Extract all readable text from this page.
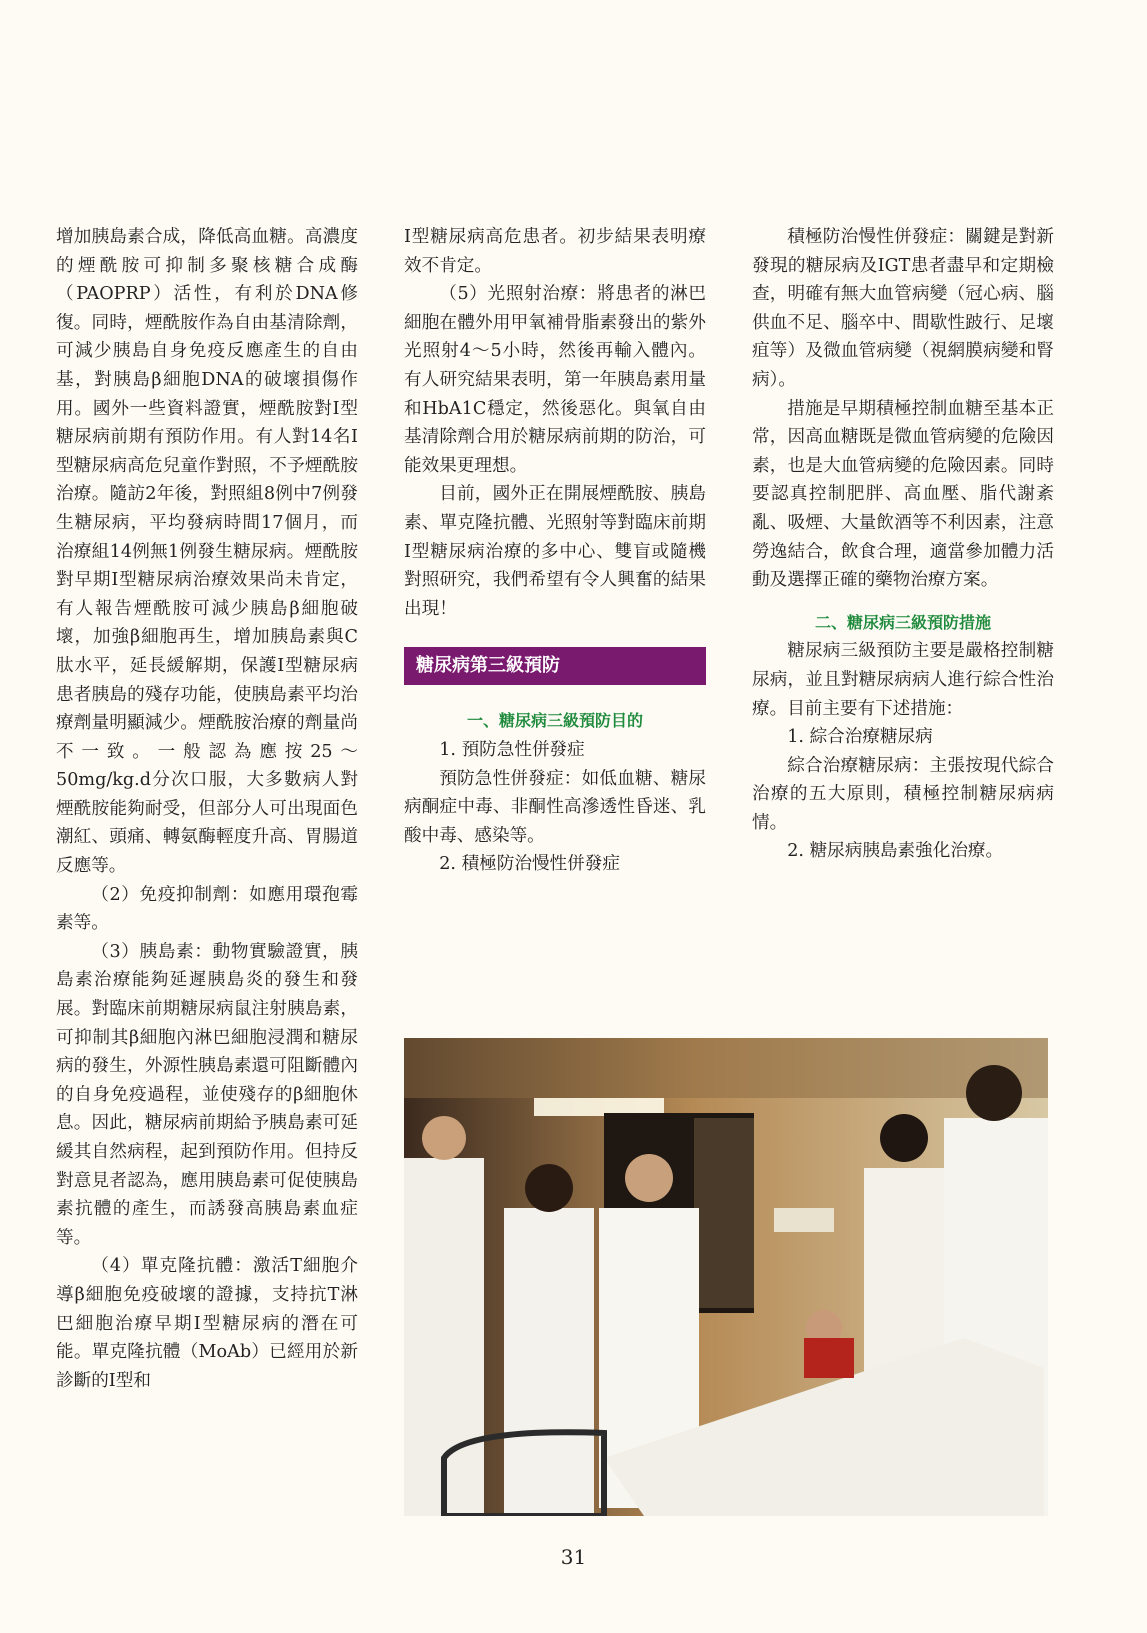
增加胰島素合成，降低高血糖。高濃度的煙酰胺可抑制多聚核糖合成酶（PAOPRP）活性，有利於DNA修復。同時，煙酰胺作為自由基清除劑，可減少胰島自身免疫反應產生的自由基，對胰島β細胞DNA的破壞損傷作用。國外一些資料證實，煙酰胺對I型糖尿病前期有預防作用。有人對14名I型糖尿病高危兒童作對照，不予煙酰胺治療。隨訪2年後，對照組8例中7例發生糖尿病，平均發病時間17個月，而治療組14例無1例發生糖尿病。煙酰胺對早期I型糖尿病治療效果尚未肯定，有人報告煙酰胺可減少胰島β細胞破壞，加強β細胞再生，增加胰島素與C肽水平，延長緩解期，保護I型糖尿病患者胰島的殘存功能，使胰島素平均治療劑量明顯減少。煙酰胺治療的劑量尚不一致。一般認為應按25～50mg/kg.d分次口服，大多數病人對煙酰胺能夠耐受，但部分人可出現面色潮紅、頭痛、轉氨酶輕度升高、胃腸道反應等。

（2）免疫抑制劑：如應用環孢霉素等。

（3）胰島素：動物實驗證實，胰島素治療能夠延遲胰島炎的發生和發展。對臨床前期糖尿病鼠注射胰島素，可抑制其β細胞內淋巴細胞浸潤和糖尿病的發生，外源性胰島素還可阻斷體內的自身免疫過程，並使殘存的β細胞休息。因此，糖尿病前期給予胰島素可延緩其自然病程，起到預防作用。但持反對意見者認為，應用胰島素可促使胰島素抗體的產生，而誘發高胰島素血症等。

（4）單克隆抗體：激活T細胞介導β細胞免疫破壞的證據，支持抗T淋巴細胞治療早期I型糖尿病的潛在可能。單克隆抗體（MoAb）已經用於新診斷的I型和

I型糖尿病高危患者。初步結果表明療效不肯定。

（5）光照射治療：將患者的淋巴細胞在體外用甲氧補骨脂素發出的紫外光照射4～5小時，然後再輸入體內。有人研究結果表明，第一年胰島素用量和HbA1C穩定，然後惡化。與氧自由基清除劑合用於糖尿病前期的防治，可能效果更理想。

目前，國外正在開展煙酰胺、胰島素、單克隆抗體、光照射等對臨床前期I型糖尿病治療的多中心、雙盲或隨機對照研究，我們希望有令人興奮的結果出現！

糖尿病第三級預防

一、糖尿病三級預防目的

1. 預防急性併發症

預防急性併發症：如低血糖、糖尿病酮症中毒、非酮性高滲透性昏迷、乳酸中毒、感染等。

2. 積極防治慢性併發症

積極防治慢性併發症：關鍵是對新發現的糖尿病及IGT患者盡早和定期檢查，明確有無大血管病變（冠心病、腦供血不足、腦卒中、間歇性跛行、足壞疽等）及微血管病變（視網膜病變和腎病）。

措施是早期積極控制血糖至基本正常，因高血糖既是微血管病變的危險因素，也是大血管病變的危險因素。同時要認真控制肥胖、高血壓、脂代謝紊亂、吸煙、大量飲酒等不利因素，注意勞逸結合，飲食合理，適當參加體力活動及選擇正確的藥物治療方案。

二、糖尿病三級預防措施

糖尿病三級預防主要是嚴格控制糖尿病，並且對糖尿病病人進行綜合性治療。目前主要有下述措施：

1. 綜合治療糖尿病

綜合治療糖尿病：主張按現代綜合治療的五大原則，積極控制糖尿病病情。

2. 糖尿病胰島素強化治療。

31
